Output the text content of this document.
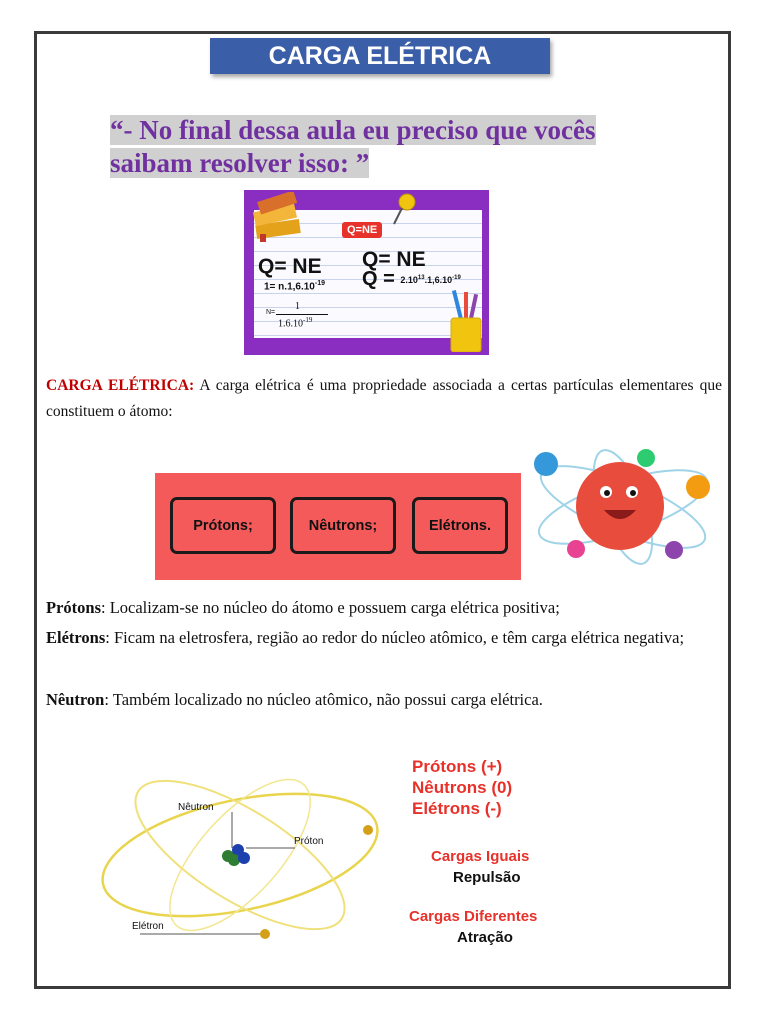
CARGA ELÉTRICA
“- No final dessa aula eu preciso que vocês saibam resolver isso: ”
Q=NE
Q= NE
$1= n.1,6.10^{-19}$
N=
1
$1.6.10^{-19}$
Q= NE
$Q = 2.10^{13}.1,6.10^{-19}$
CARGA ELÉTRICA: A carga elétrica é uma propriedade associada a certas partículas elementares que constituem o átomo:
Prótons;	Nêutrons;	Elétrons.
Prótons: Localizam-se no núcleo do átomo e possuem carga elétrica positiva;
Elétrons: Ficam na eletrosfera, região ao redor do núcleo atômico, e têm carga elétrica negativa;
Nêutron: Também localizado no núcleo atômico, não possui carga elétrica.
Nêutron
Próton
Elétron
Prótons (+)
Nêutrons (0)
Elétrons (-)
Cargas Iguais
Repulsão
Cargas Diferentes
Atração
